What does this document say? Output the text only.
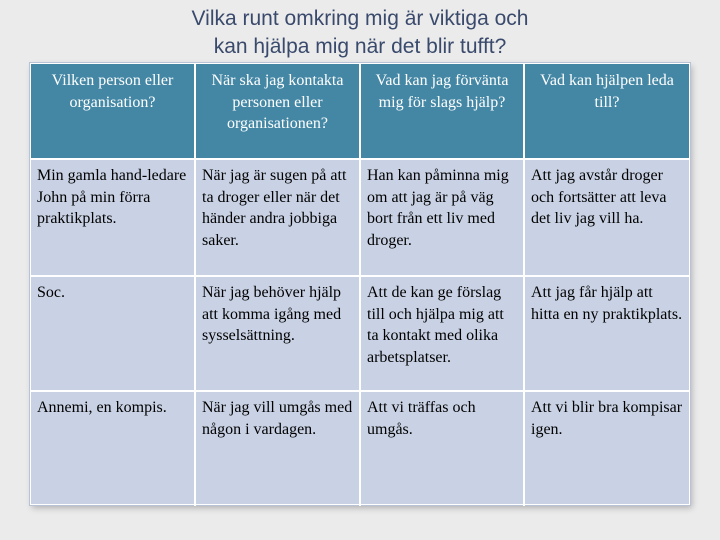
Vilka runt omkring mig är viktiga och
kan hjälpa mig när det blir tufft?
Vilken person eller organisation?	När ska jag kontakta personen eller organisationen?	Vad kan jag förvänta mig för slags hjälp?	Vad kan hjälpen leda till?
Min gamla hand-ledare John på min förra praktikplats.	När jag är sugen på att ta droger eller när det händer andra jobbiga saker.	Han kan påminna mig om att jag är på väg bort från ett liv med droger.	Att jag avstår droger och fortsätter att leva det liv jag vill ha.
Soc.	När jag behöver hjälp att komma igång med sysselsättning.	Att de kan ge förslag till och hjälpa mig att ta kontakt med olika arbetsplatser.	Att jag får hjälp att hitta en ny praktikplats.
Annemi, en kompis.	När jag vill umgås med någon i vardagen.	Att vi träffas och umgås.	Att vi blir bra kompisar igen.
